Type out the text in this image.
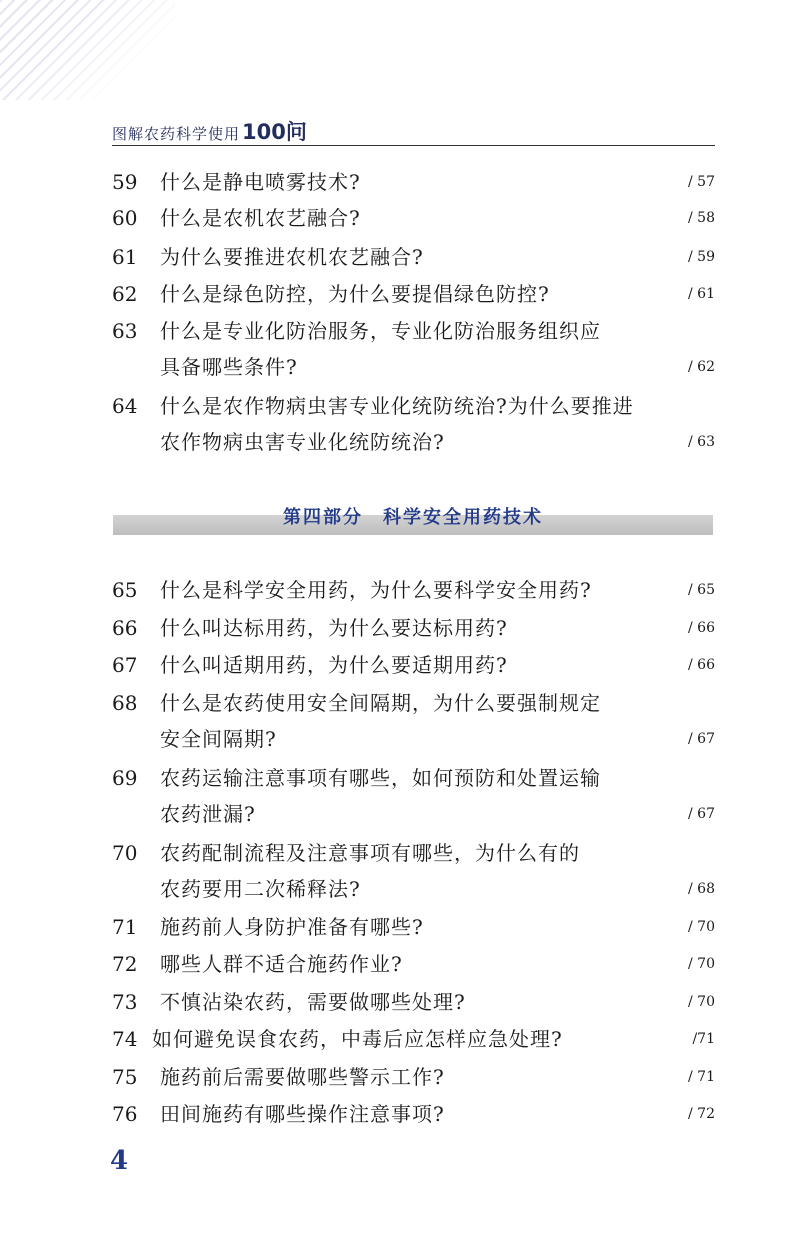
图解农药科学使用100问
59	什么是静电喷雾技术?	/ 57
60	什么是农机农艺融合?	/ 58
61	为什么要推进农机农艺融合?	/ 59
62	什么是绿色防控，为什么要提倡绿色防控?	/ 61
63	什么是专业化防治服务，专业化防治服务组织应
具备哪些条件?	/ 62
64	什么是农作物病虫害专业化统防统治?为什么要推进
农作物病虫害专业化统防统治?	/ 63
第四部分　科学安全用药技术
65	什么是科学安全用药，为什么要科学安全用药?	/ 65
66	什么叫达标用药，为什么要达标用药?	/ 66
67	什么叫适期用药，为什么要适期用药?	/ 66
68	什么是农药使用安全间隔期，为什么要强制规定
安全间隔期?	/ 67
69	农药运输注意事项有哪些，如何预防和处置运输
农药泄漏?	/ 67
70	农药配制流程及注意事项有哪些，为什么有的
农药要用二次稀释法?	/ 68
71	施药前人身防护准备有哪些?	/ 70
72	哪些人群不适合施药作业?	/ 70
73	不慎沾染农药，需要做哪些处理?	/ 70
74 如何避免误食农药，中毒后应怎样应急处理?	/71
75	施药前后需要做哪些警示工作?	/ 71
76	田间施药有哪些操作注意事项?	/ 72
4
